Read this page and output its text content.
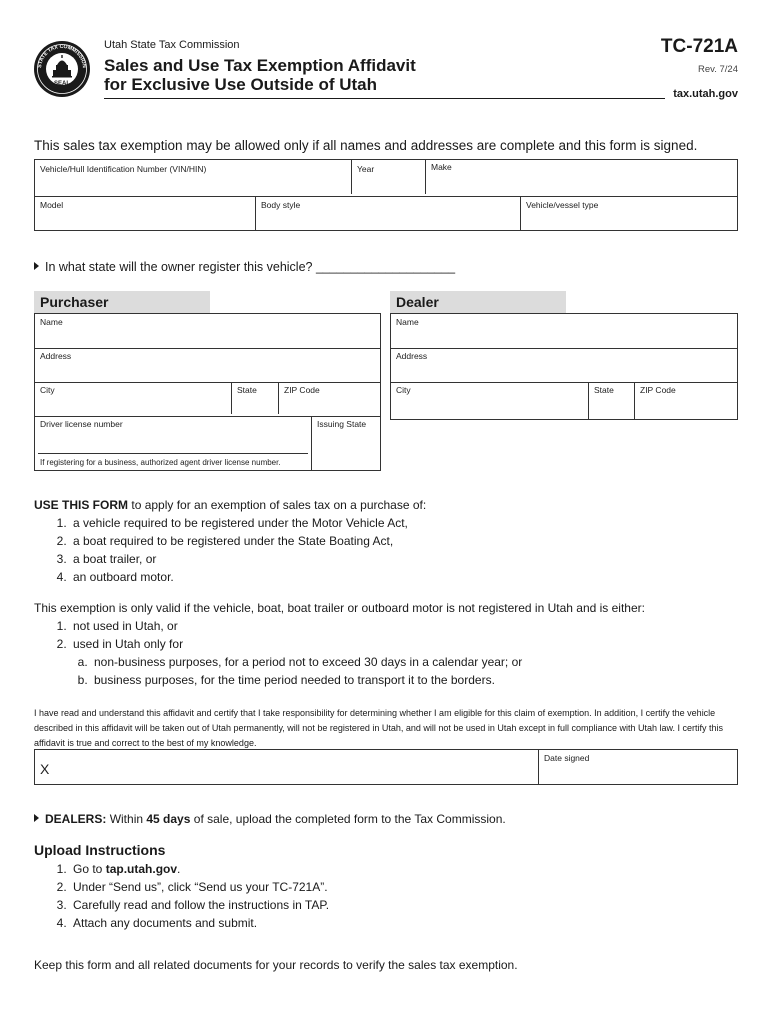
STATE TAX COMMISSION
SEAL
Utah State Tax Commission
Sales and Use Tax Exemption Affidavit
for Exclusive Use Outside of Utah
TC-721A
Rev. 7/24
tax.utah.gov
This sales tax exemption may be allowed only if all names and addresses are complete and this form is signed.
Vehicle/Hull Identification Number (VIN/HIN)	Year	Make
Model	Body style	Vehicle/vessel type
In what state will the owner register this vehicle? ____________________
Purchaser
Name
Address
City	State	ZIP Code
Driver license number	Issuing State
If registering for a business, authorized agent driver license number.
Dealer
Name
Address
City	State	ZIP Code
USE THIS FORM to apply for an exemption of sales tax on a purchase of:
1. a vehicle required to be registered under the Motor Vehicle Act,
2. a boat required to be registered under the State Boating Act,
3. a boat trailer, or
4. an outboard motor.
This exemption is only valid if the vehicle, boat, boat trailer or outboard motor is not registered in Utah and is either:
1. not used in Utah, or
2. used in Utah only for
a. non-business purposes, for a period not to exceed 30 days in a calendar year; or
b. business purposes, for the time period needed to transport it to the borders.
I have read and understand this affidavit and certify that I take responsibility for determining whether I am eligible for this claim of exemption. In addition, I certify the vehicle described in this affidavit will be taken out of Utah permanently, will not be registered in Utah, and will not be used in Utah except in full compliance with Utah law. I certify this affidavit is true and correct to the best of my knowledge.
X
Date signed
DEALERS: Within 45 days of sale, upload the completed form to the Tax Commission.
Upload Instructions
1. Go to tap.utah.gov.
2. Under “Send us”, click “Send us your TC-721A”.
3. Carefully read and follow the instructions in TAP.
4. Attach any documents and submit.
Keep this form and all related documents for your records to verify the sales tax exemption.
